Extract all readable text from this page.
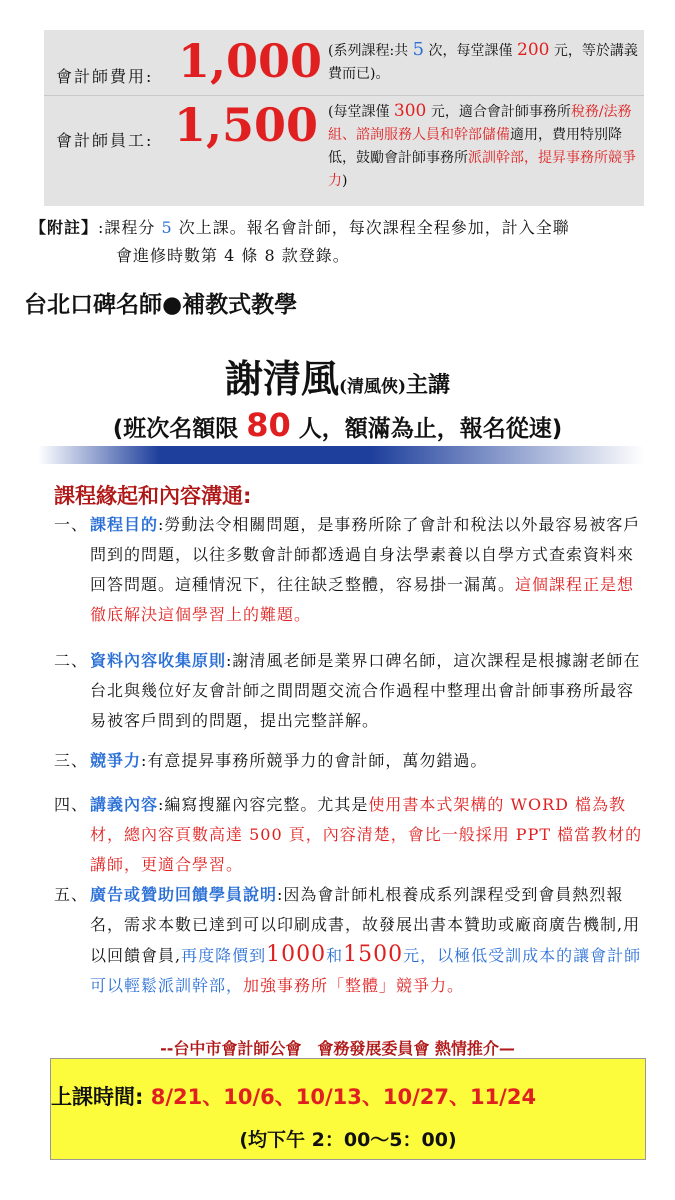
會計師費用: 1,000 (系列課程:共 5 次，每堂課僅 200 元，等於講義費而已)。
會計師員工: 1,500 (每堂課僅 300 元，適合會計師事務所稅務/法務組、諮詢服務人員和幹部儲備適用，費用特別降低，鼓勵會計師事務所派訓幹部，提昇事務所競爭力)
【附註】:課程分 5 次上課。報名會計師，每次課程全程參加，計入全聯
會進修時數第 4 條 8 款登錄。
台北口碑名師●補教式教學
謝清風(清風俠)主講
(班次名額限 80 人，額滿為止，報名從速)
課程緣起和內容溝通:
一、 課程目的:勞動法令相關問題，是事務所除了會計和稅法以外最容易被客戶問到的問題，以往多數會計師都透過自身法學素養以自學方式查索資料來回答問題。這種情況下，往往缺乏整體，容易掛一漏萬。這個課程正是想徹底解決這個學習上的難題。
二、 資料內容收集原則:謝清風老師是業界口碑名師，這次課程是根據謝老師在台北與幾位好友會計師之間問題交流合作過程中整理出會計師事務所最容易被客戶問到的問題，提出完整詳解。
三、 競爭力:有意提昇事務所競爭力的會計師，萬勿錯過。
四、 講義內容:編寫搜羅內容完整。尤其是使用書本式架構的 WORD 檔為教材，總內容頁數高達 500 頁，內容清楚，會比一般採用 PPT 檔當教材的講師，更適合學習。
五、 廣告或贊助回饋學員說明:因為會計師札根養成系列課程受到會員熱烈報名，需求本數已達到可以印刷成書，故發展出書本贊助或廠商廣告機制,用以回饋會員,再度降價到1000和1500元，以極低受訓成本的讓會計師可以輕鬆派訓幹部，加強事務所「整體」競爭力。
--台中市會計師公會　會務發展委員會 熱情推介—
上課時間: 8/21、10/6、10/13、10/27、11/24
(均下午 2：00～5：00)
